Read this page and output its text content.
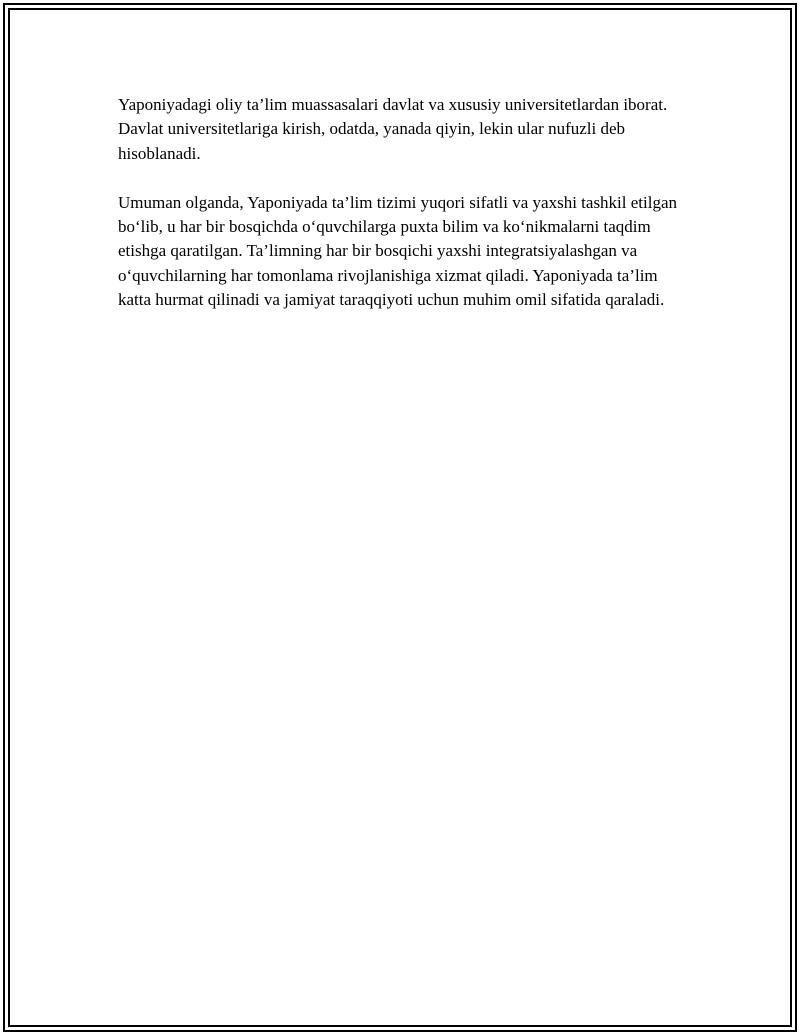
Yaponiyadagi oliy ta’lim muassasalari davlat va xususiy universitetlardan iborat. Davlat universitetlariga kirish, odatda, yanada qiyin, lekin ular nufuzli deb hisoblanadi.

Umuman olganda, Yaponiyada ta’lim tizimi yuqori sifatli va yaxshi tashkil etilgan bo‘lib, u har bir bosqichda o‘quvchilarga puxta bilim va ko‘nikmalarni taqdim etishga qaratilgan. Ta’limning har bir bosqichi yaxshi integratsiyalashgan va o‘quvchilarning har tomonlama rivojlanishiga xizmat qiladi. Yaponiyada ta’lim katta hurmat qilinadi va jamiyat taraqqiyoti uchun muhim omil sifatida qaraladi.
